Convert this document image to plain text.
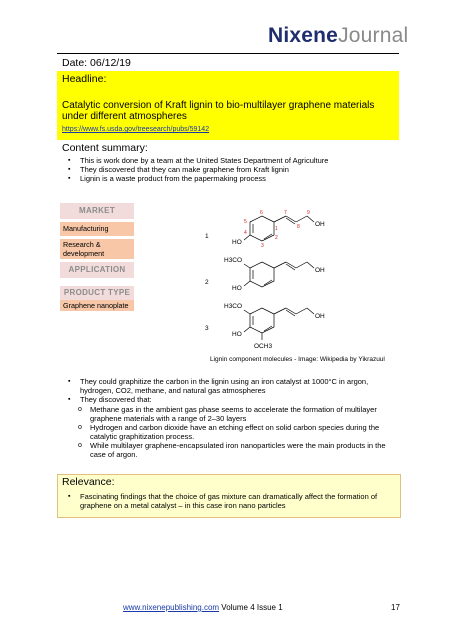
NixeneJournal
Date: 06/12/19
Headline:
Catalytic conversion of Kraft lignin to bio-multilayer graphene materials under different atmospheres
https://www.fs.usda.gov/treesearch/pubs/59142
Content summary:
▪ This is work done by a team at the United States Department of Agriculture
▪ They discovered that they can make graphene from Kraft lignin
▪ Lignin is a waste product from the papermaking process
MARKET
Manufacturing
Research & development
APPLICATION
PRODUCT TYPE
Graphene nanoplate
1
2
3
OH
HO
H3CO
OH
HO
H3CO
OH
HO
OCH3
1
2
3
4
5
6	7
8
9
Lignin component molecules - Image: Wikipedia by Yikrazuul
▪ They could graphitize the carbon in the lignin using an iron catalyst at 1000°C in argon, hydrogen, CO2, methane, and natural gas atmospheres
▪ They discovered that:
o Methane gas in the ambient gas phase seems to accelerate the formation of multilayer graphene materials with a range of 2–30 layers
o Hydrogen and carbon dioxide have an etching effect on solid carbon species during the catalytic graphitization process.
o While multilayer graphene-encapsulated iron nanoparticles were the main products in the case of argon.
Relevance:
▪ Fascinating findings that the choice of gas mixture can dramatically affect the formation of graphene on a metal catalyst – in this case iron nano particles
www.nixenepublishing.com Volume 4 Issue 1	17
